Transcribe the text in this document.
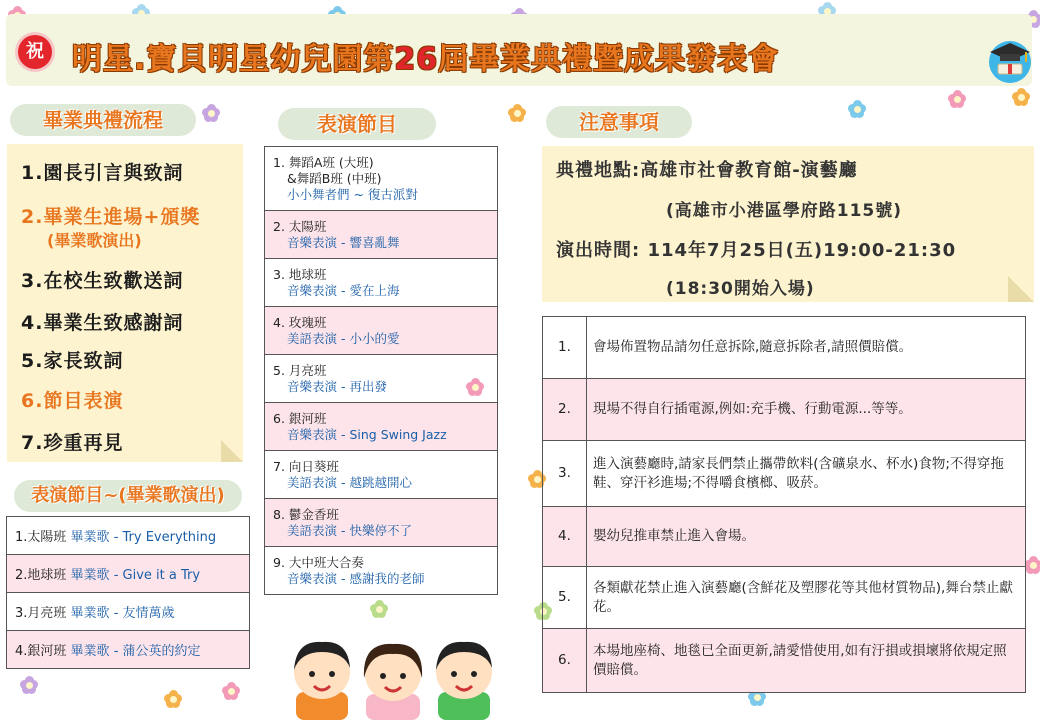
祝 明星.寶貝明星幼兒園第26屆畢業典禮暨成果發表會
畢業典禮流程	表演節目
表演節目~(畢業歌演出)
注意事項
1.園長引言與致詞
2.畢業生進場+頒獎
(畢業歌演出)
3.在校生致歡送詞
4.畢業生致感謝詞
5.家長致詞
6.節目表演
7.珍重再見
1.太陽班 畢業歌 - Try Everything
2.地球班 畢業歌 - Give it a Try
3.月亮班 畢業歌 - 友情萬歲
4.銀河班 畢業歌 - 蒲公英的約定
1. 舞蹈A班 (大班)
&舞蹈B班 (中班)
小小舞者們 ~ 復古派對

2. 太陽班
音樂表演 - 響喜亂舞

3. 地球班
音樂表演 - 愛在上海

4. 玫瑰班
美語表演 - 小小的愛

5. 月亮班
音樂表演 - 再出發

6. 銀河班
音樂表演 - Sing Swing Jazz

7. 向日葵班
美語表演 - 越跳越開心

8. 鬱金香班
美語表演 - 快樂停不了

9. 大中班大合奏
音樂表演 - 感謝我的老師
典禮地點:高雄市社會教育館-演藝廳
(高雄市小港區學府路115號)
演出時間: 114年7月25日(五)19:00-21:30
(18:30開始入場)
1.	會場佈置物品請勿任意拆除,隨意拆除者,請照價賠償。
2.	現場不得自行插電源,例如:充手機、行動電源...等等。
3.	進入演藝廳時,請家長們禁止攜帶飲料(含礦泉水、杯水)食物;不得穿拖鞋、穿汗衫進場;不得嚼食檳榔、吸菸。
4.	嬰幼兒推車禁止進入會場。
5.	各類獻花禁止進入演藝廳(含鮮花及塑膠花等其他材質物品),舞台禁止獻花。
6.	本場地座椅、地毯已全面更新,請愛惜使用,如有汙損或損壞將依規定照價賠償。
